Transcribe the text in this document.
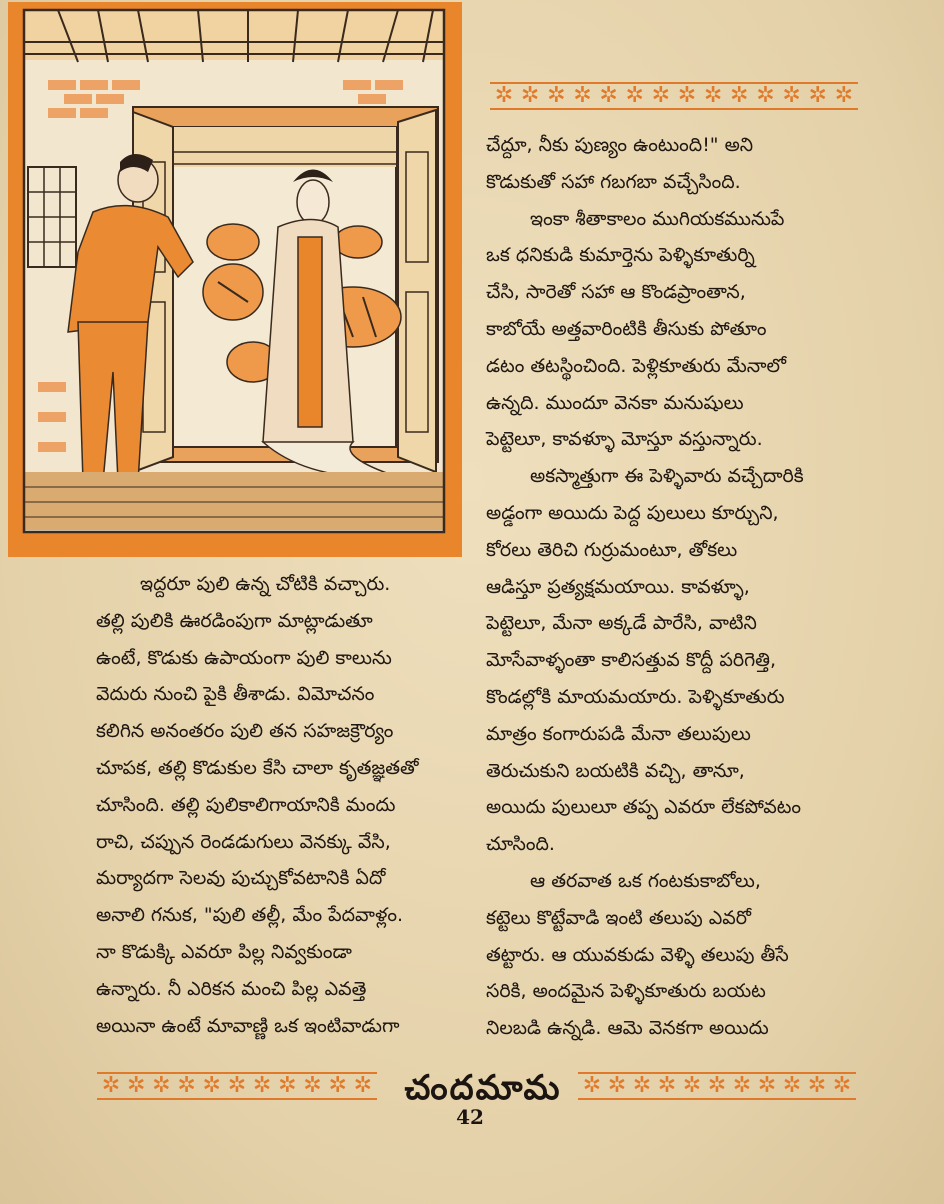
✲ ✲ ✲ ✲ ✲ ✲ ✲ ✲ ✲ ✲ ✲ ✲ ✲ ✲

చేద్దూ, నీకు పుణ్యం ఉంటుంది!" అని

కొడుకుతో సహా గబగబా వచ్చేసింది.

ఇంకా శీతాకాలం ముగియకమునుపే

ఒక ధనికుడి కుమార్తెను పెళ్ళికూతుర్ని

చేసి, సారెతో సహా ఆ కొండప్రాంతాన,

కాబోయే అత్తవారింటికి తీసుకు పోతూం

డటం తటస్థించింది. పెళ్లికూతురు మేనాలో

ఉన్నది. ముందూ వెనకా మనుషులు

పెట్టెలూ, కావళ్ళూ మోస్తూ వస్తున్నారు.

అకస్మాత్తుగా ఈ పెళ్ళివారు వచ్చేదారికి

అడ్డంగా అయిదు పెద్ద పులులు కూర్చుని,

కోరలు తెరిచి గుర్రుమంటూ, తోకలు

ఆడిస్తూ ప్రత్యక్షమయాయి. కావళ్ళూ,

పెట్టెలూ, మేనా అక్కడే పారేసి, వాటిని

మోసేవాళ్ళంతా కాలిసత్తువ కొద్దీ పరిగెత్తి,

కొండల్లోకి మాయమయారు. పెళ్ళికూతురు

మాత్రం కంగారుపడి మేనా తలుపులు

తెరుచుకుని బయటికి వచ్చి, తానూ,

అయిదు పులులూ తప్ప ఎవరూ లేకపోవటం

చూసింది.

ఆ తరవాత ఒక గంటకుకాబోలు,

కట్టెలు కొట్టేవాడి ఇంటి తలుపు ఎవరో

తట్టారు. ఆ యువకుడు వెళ్ళి తలుపు తీసే

సరికి, అందమైన పెళ్ళికూతురు బయట

నిలబడి ఉన్నడి. ఆమె వెనకగా అయిదు

ఇద్దరూ పులి ఉన్న చోటికి వచ్చారు.

తల్లి పులికి ఊరడింపుగా మాట్లాడుతూ

ఉంటే, కొడుకు ఉపాయంగా పులి కాలును

వెదురు నుంచి పైకి తీశాడు. విమోచనం

కలిగిన అనంతరం పులి తన సహజక్రౌర్యం

చూపక, తల్లి కొడుకుల కేసి చాలా కృతజ్ఞతతో

చూసింది. తల్లి పులికాలిగాయానికి మందు

రాచి, చప్పున రెండడుగులు వెనక్కు వేసి,

మర్యాదగా సెలవు పుచ్చుకోవటానికి ఏదో

అనాలి గనుక, "పులి తల్లీ, మేం పేదవాళ్లం.

నా కొడుక్కి ఎవరూ పిల్ల నివ్వకుండా

ఉన్నారు. నీ ఎరికన మంచి పిల్ల ఎవత్తె

అయినా ఉంటే మావాణ్ణి ఒక ఇంటివాడుగా

✲ ✲ ✲ ✲ ✲ ✲ ✲ ✲ ✲ ✲ ✲	✲ ✲ ✲ ✲ ✲ ✲ ✲ ✲ ✲ ✲ ✲
చందమామ
42
